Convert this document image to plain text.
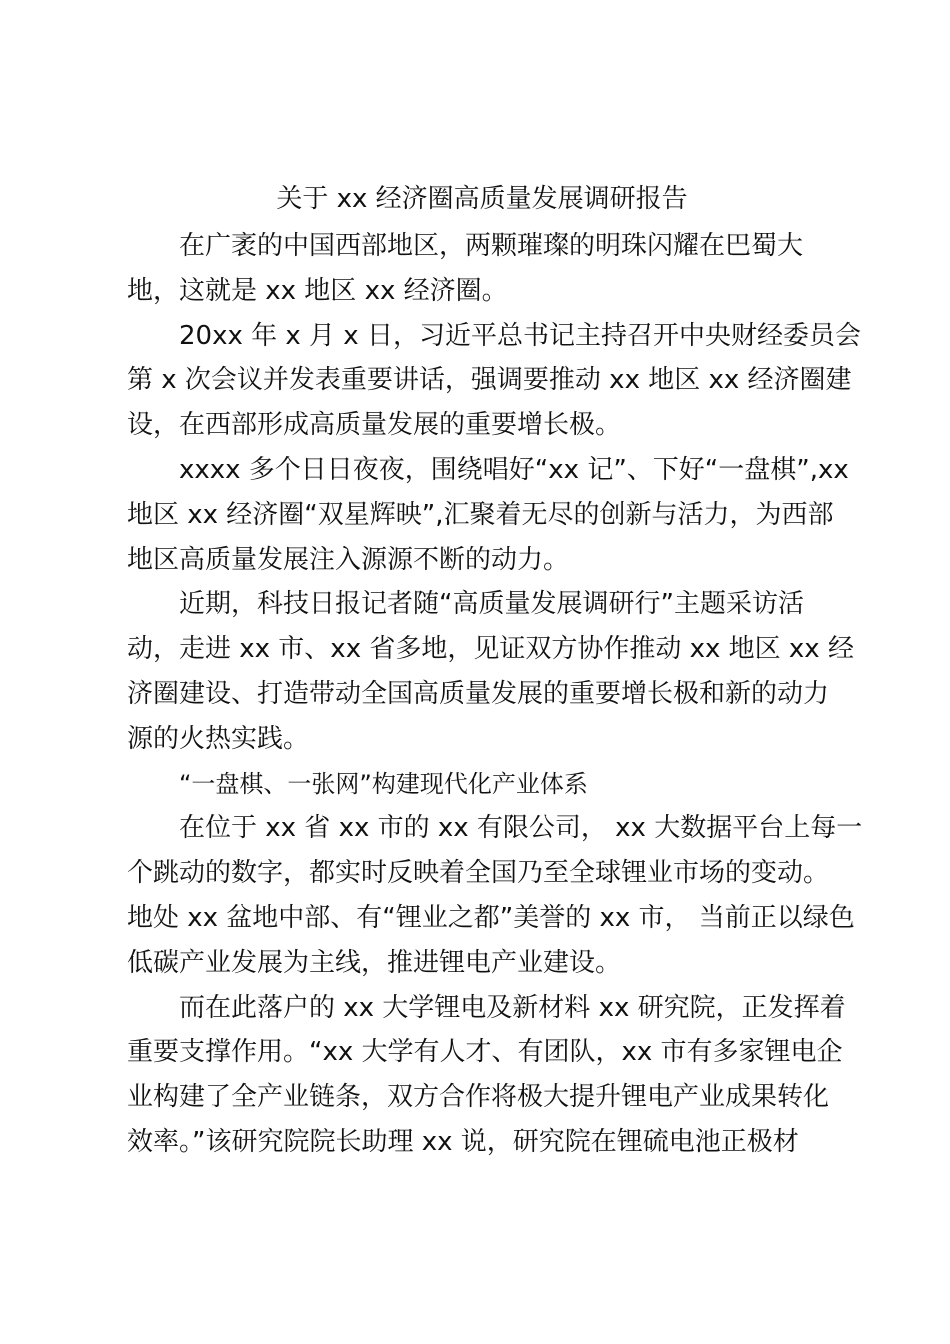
关于 xx 经济圈高质量发展调研报告
在广袤的中国西部地区，两颗璀璨的明珠闪耀在巴蜀大
地，这就是 xx 地区 xx 经济圈。
20xx 年 x 月 x 日，习近平总书记主持召开中央财经委员会
第 x 次会议并发表重要讲话，强调要推动 xx 地区 xx 经济圈建
设，在西部形成高质量发展的重要增长极。
xxxx 多个日日夜夜，围绕唱好“xx 记”、下好“一盘棋”,xx
地区 xx 经济圈“双星辉映”,汇聚着无尽的创新与活力，为西部
地区高质量发展注入源源不断的动力。
近期，科技日报记者随“高质量发展调研行”主题采访活
动，走进 xx 市、xx 省多地，见证双方协作推动 xx 地区 xx 经
济圈建设、打造带动全国高质量发展的重要增长极和新的动力
源的火热实践。
“一盘棋、一张网”构建现代化产业体系
在位于 xx 省 xx 市的 xx 有限公司， xx 大数据平台上每一
个跳动的数字，都实时反映着全国乃至全球锂业市场的变动。
地处 xx 盆地中部、有“锂业之都”美誉的 xx 市， 当前正以绿色
低碳产业发展为主线，推进锂电产业建设。
而在此落户的 xx 大学锂电及新材料 xx 研究院，正发挥着
重要支撑作用。“xx 大学有人才、有团队，xx 市有多家锂电企
业构建了全产业链条，双方合作将极大提升锂电产业成果转化
效率。”该研究院院长助理 xx 说，研究院在锂硫电池正极材
